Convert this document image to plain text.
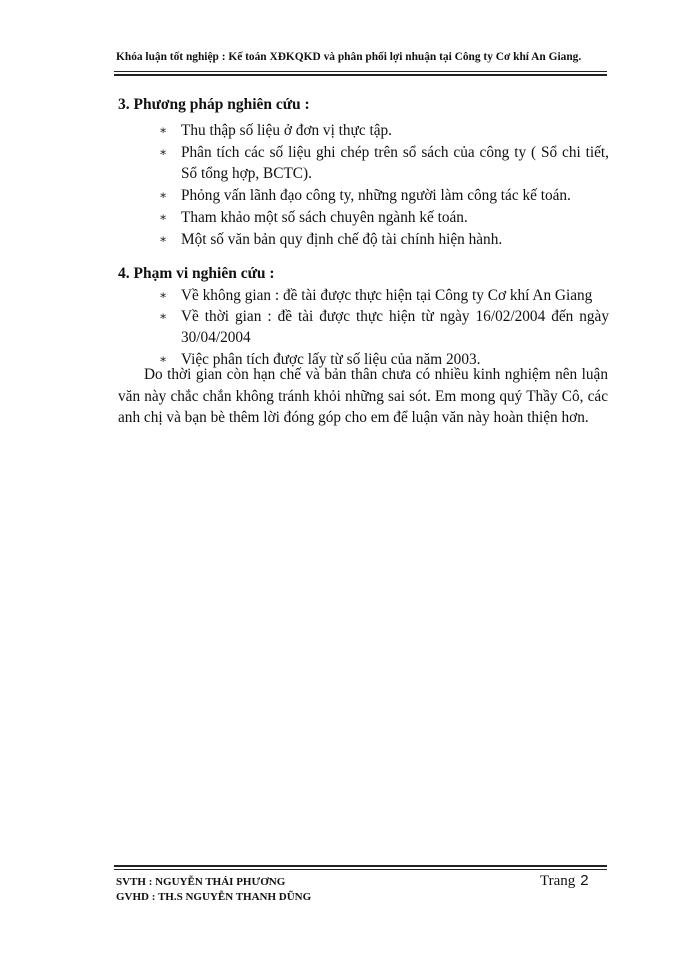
Khóa luận tốt nghiệp : Kế toán XĐKQKD và phân phối lợi nhuận tại Công ty Cơ khí An Giang.
3. Phương pháp nghiên cứu :
∗ Thu thập số liệu ở đơn vị thực tập.
∗ Phân tích các số liệu ghi chép trên sổ sách của công ty ( Sổ chi tiết, Sổ tổng hợp, BCTC).
∗ Phỏng vấn lãnh đạo công ty, những người làm công tác kế toán.
∗ Tham khảo một số sách chuyên ngành kế toán.
∗ Một số văn bản quy định chế độ tài chính hiện hành.
4. Phạm vi nghiên cứu :
∗ Về không gian : đề tài được thực hiện tại Công ty Cơ khí An Giang
∗ Về thời gian : đề tài được thực hiện từ ngày 16/02/2004 đến ngày 30/04/2004
∗ Việc phân tích được lấy từ số liệu của năm 2003.

Do thời gian còn hạn chế và bản thân chưa có nhiều kinh nghiệm nên luận văn này chắc chắn không tránh khỏi những sai sót. Em mong quý Thầy Cô, các anh chị và bạn bè thêm lời đóng góp cho em để luận văn này hoàn thiện hơn.

SVTH : NGUYỄN THÁI PHƯƠNG
GVHD : TH.S NGUYỄN THANH DŨNG
Trang 2
